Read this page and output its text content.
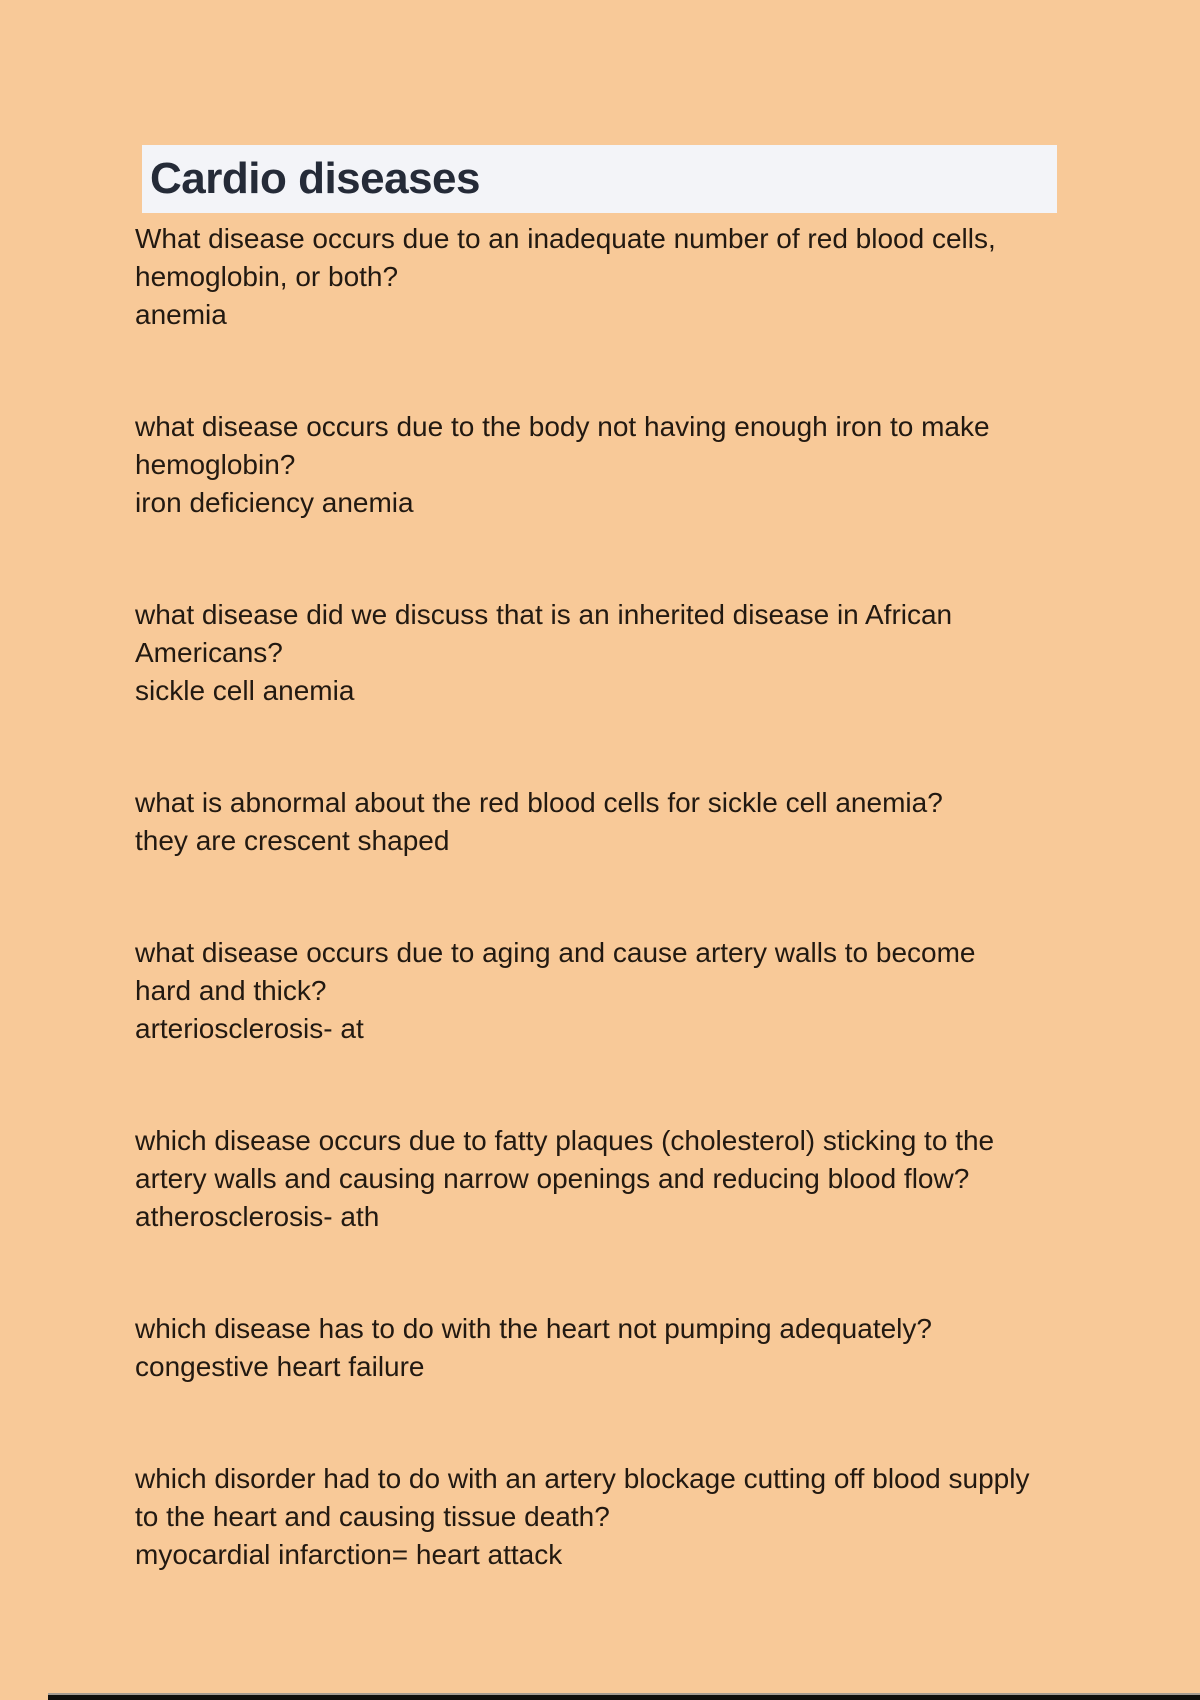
Cardio diseases
What disease occurs due to an inadequate number of red blood cells,
hemoglobin, or both?
anemia
what disease occurs due to the body not having enough iron to make
hemoglobin?
iron deficiency anemia
what disease did we discuss that is an inherited disease in African
Americans?
sickle cell anemia
what is abnormal about the red blood cells for sickle cell anemia?
they are crescent shaped
what disease occurs due to aging and cause artery walls to become
hard and thick?
arteriosclerosis- at
which disease occurs due to fatty plaques (cholesterol) sticking to the
artery walls and causing narrow openings and reducing blood flow?
atherosclerosis- ath
which disease has to do with the heart not pumping adequately?
congestive heart failure
which disorder had to do with an artery blockage cutting off blood supply
to the heart and causing tissue death?
myocardial infarction= heart attack
